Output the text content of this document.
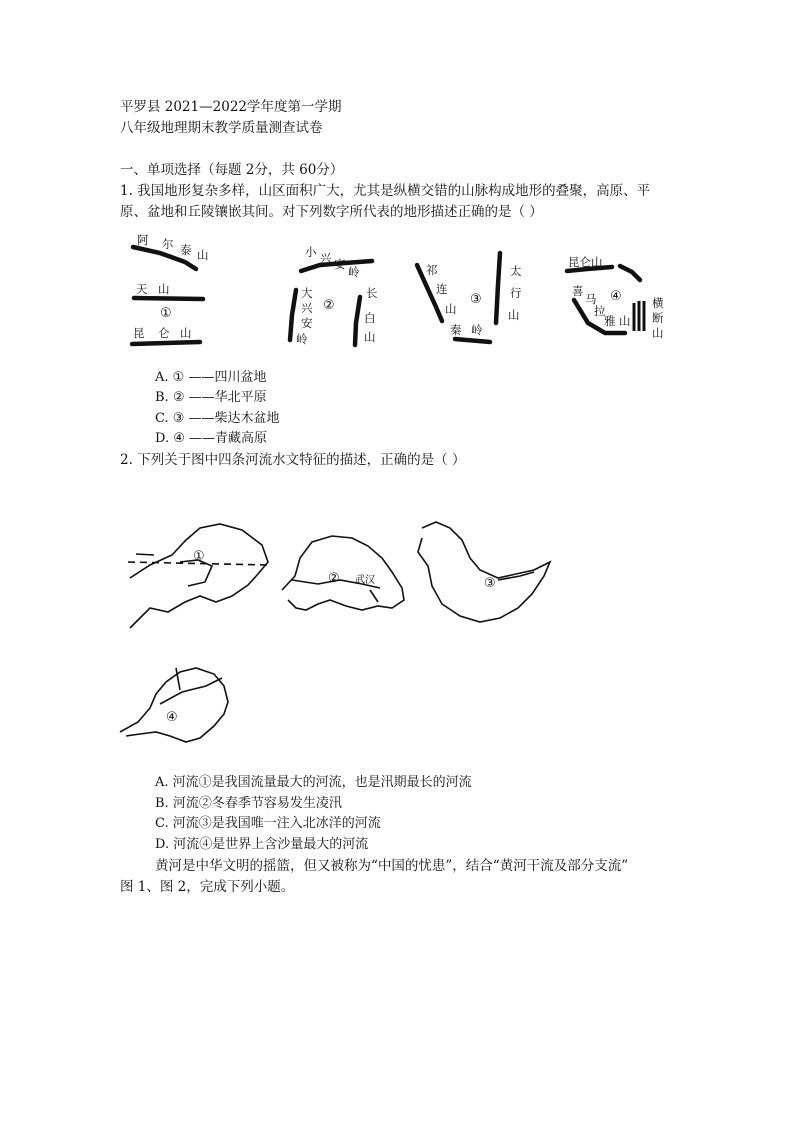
平罗县 2021—2022学年度第一学期
八年级地理期末教学质量测查试卷
一、单项选择（每题 2分，共 60分）
1. 我国地形复杂多样，山区面积广大，尤其是纵横交错的山脉构成地形的叠聚，高原、平
原、盆地和丘陵镶嵌其间。对下列数字所代表的地形描述正确的是（ ）
阿 尔 泰 山
天 山
①
昆 仑 山
小 兴 安
岭
大
兴
安
岭
②
长
白
山
祁
连
山
③
太
行
山
秦 岭
昆仑山
喜
马
拉
雅 山
④	横
断
山
A. ① ——四川盆地
B. ② ——华北平原
C. ③ ——柴达木盆地
D. ④ ——青藏高原
2. 下列关于图中四条河流水文特征的描述，正确的是（ ）
①
② 武汉	③
④
A. 河流①是我国流量最大的河流，也是汛期最长的河流
B. 河流②冬春季节容易发生凌汛
C. 河流③是我国唯一注入北冰洋的河流
D. 河流④是世界上含沙量最大的河流
黄河是中华文明的摇篮，但又被称为“中国的忧患”，结合“黄河干流及部分支流”
图 1、图 2，完成下列小题。
